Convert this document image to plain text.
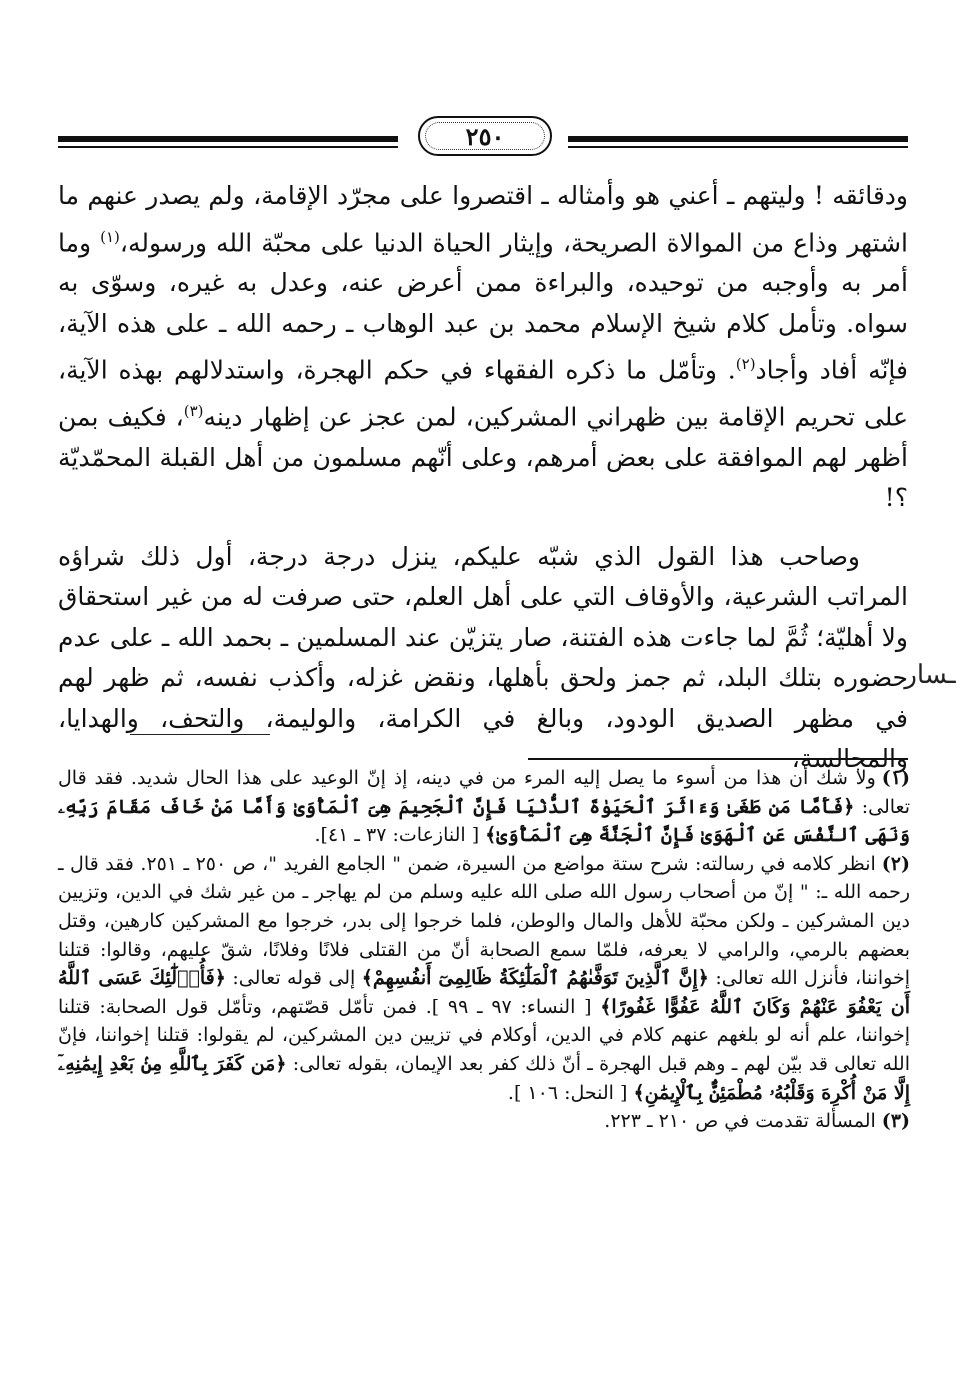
٢٥٠

ودقائقه ! وليتهم ـ أعني هو وأمثاله ـ اقتصروا على مجرّد الإقامة، ولم يصدر عنهم ما اشتهر وذاع من الموالاة الصريحة، وإيثار الحياة الدنيا على محبّة الله ورسوله،$^{(١)}$ وما أمر به وأوجبه من توحيده، والبراءة ممن أعرض عنه، وعدل به غيره، وسوّى به سواه. وتأمل كلام شيخ الإسلام محمد بن عبد الوهاب ـ رحمه الله ـ على هذه الآية، فإنّه أفاد وأجاد$^{(٢)}$. وتأمّل ما ذكره الفقهاء في حكم الهجرة، واستدلالهم بهذه الآية، على تحريم الإقامة بين ظهراني المشركين، لمن عجز عن إظهار دينه$^{(٣)}$، فكيف بمن أظهر لهم الموافقة على بعض أمرهم، وعلى أنّهم مسلمون من أهل القبلة المحمّديّة ؟!

وصاحب هذا القول الذي شبّه عليكم، ينزل درجة درجة، أول ذلك شراؤه المراتب الشرعية، والأوقاف التي على أهل العلم، حتى صرفت له من غير استحقاق ولا أهليّة؛ ثُمَّ لما جاءت هذه الفتنة، صار يتزيّن عند المسلمين ـ بحمد الله ـ على عدم حضوره بتلك البلد، ثم جمز ولحق بأهلها، ونقض غزله، وأكذب نفسه، ثم ظهر لهم في مظهر الصديق الودود، وبالغ في الكرامة، والوليمة، والتحف، والهدايا، والمجالسة،

ـسار

(١)ولا شك أن هذا من أسوء ما يصل إليه المرء من في دينه، إذ إنّ الوعيد على هذا الحال شديد. فقد قال تعالى: ﴿فَأَمَّا مَن طَغَىٰ وَءَاثَرَ ٱلْحَيَوٰةَ ٱلدُّنْيَا فَإِنَّ ٱلْجَحِيمَ هِىَ ٱلْمَأْوَىٰ وَأَمَّا مَنْ خَافَ مَقَامَ رَبِّهِۦ وَنَهَى ٱلنَّفْسَ عَنِ ٱلْهَوَىٰ فَإِنَّ ٱلْجَنَّةَ هِىَ ٱلْمَأْوَىٰ﴾ [ النازعات: ٣٧ ـ ٤١].

(٢)انظر كلامه في رسالته: شرح ستة مواضع من السيرة، ضمن " الجامع الفريد "، ص ٢٥٠ ـ ٢٥١. فقد قال ـ رحمه الله ـ: " إنّ من أصحاب رسول الله صلى الله عليه وسلم من لم يهاجر ـ من غير شك في الدين، وتزيين دين المشركين ـ ولكن محبّة للأهل والمال والوطن، فلما خرجوا إلى بدر، خرجوا مع المشركين كارهين، وقتل بعضهم بالرمي، والرامي لا يعرفه، فلمّا سمع الصحابة أنّ من القتلى فلانًا وفلانًا، شقّ عليهم، وقالوا: قتلنا إخواننا، فأنزل الله تعالى: ﴿إِنَّ ٱلَّذِينَ تَوَفَّىٰهُمُ ٱلْمَلَٰٓئِكَةُ ظَالِمِىٓ أَنفُسِهِمْ﴾ إلى قوله تعالى: ﴿فَأُو۟لَٰٓئِكَ عَسَى ٱللَّهُ أَن يَعْفُوَ عَنْهُمْ وَكَانَ ٱللَّهُ عَفُوًّا غَفُورًا﴾ [ النساء: ٩٧ ـ ٩٩ ]. فمن تأمّل قصّتهم، وتأمّل قول الصحابة: قتلنا إخواننا، علم أنه لو بلغهم عنهم كلام في الدين، أوكلام في تزيين دين المشركين، لم يقولوا: قتلنا إخواننا، فإنّ الله تعالى قد بيّن لهم ـ وهم قبل الهجرة ـ أنّ ذلك كفر بعد الإيمان، بقوله تعالى: ﴿مَن كَفَرَ بِٱللَّهِ مِنۢ بَعْدِ إِيمَٰنِهِۦٓ إِلَّا مَنْ أُكْرِهَ وَقَلْبُهُۥ مُطْمَئِنٌّۢ بِٱلْإِيمَٰنِ﴾ [ النحل: ١٠٦ ].

(٣)المسألة تقدمت في ص ٢١٠ ـ ٢٢٣.
